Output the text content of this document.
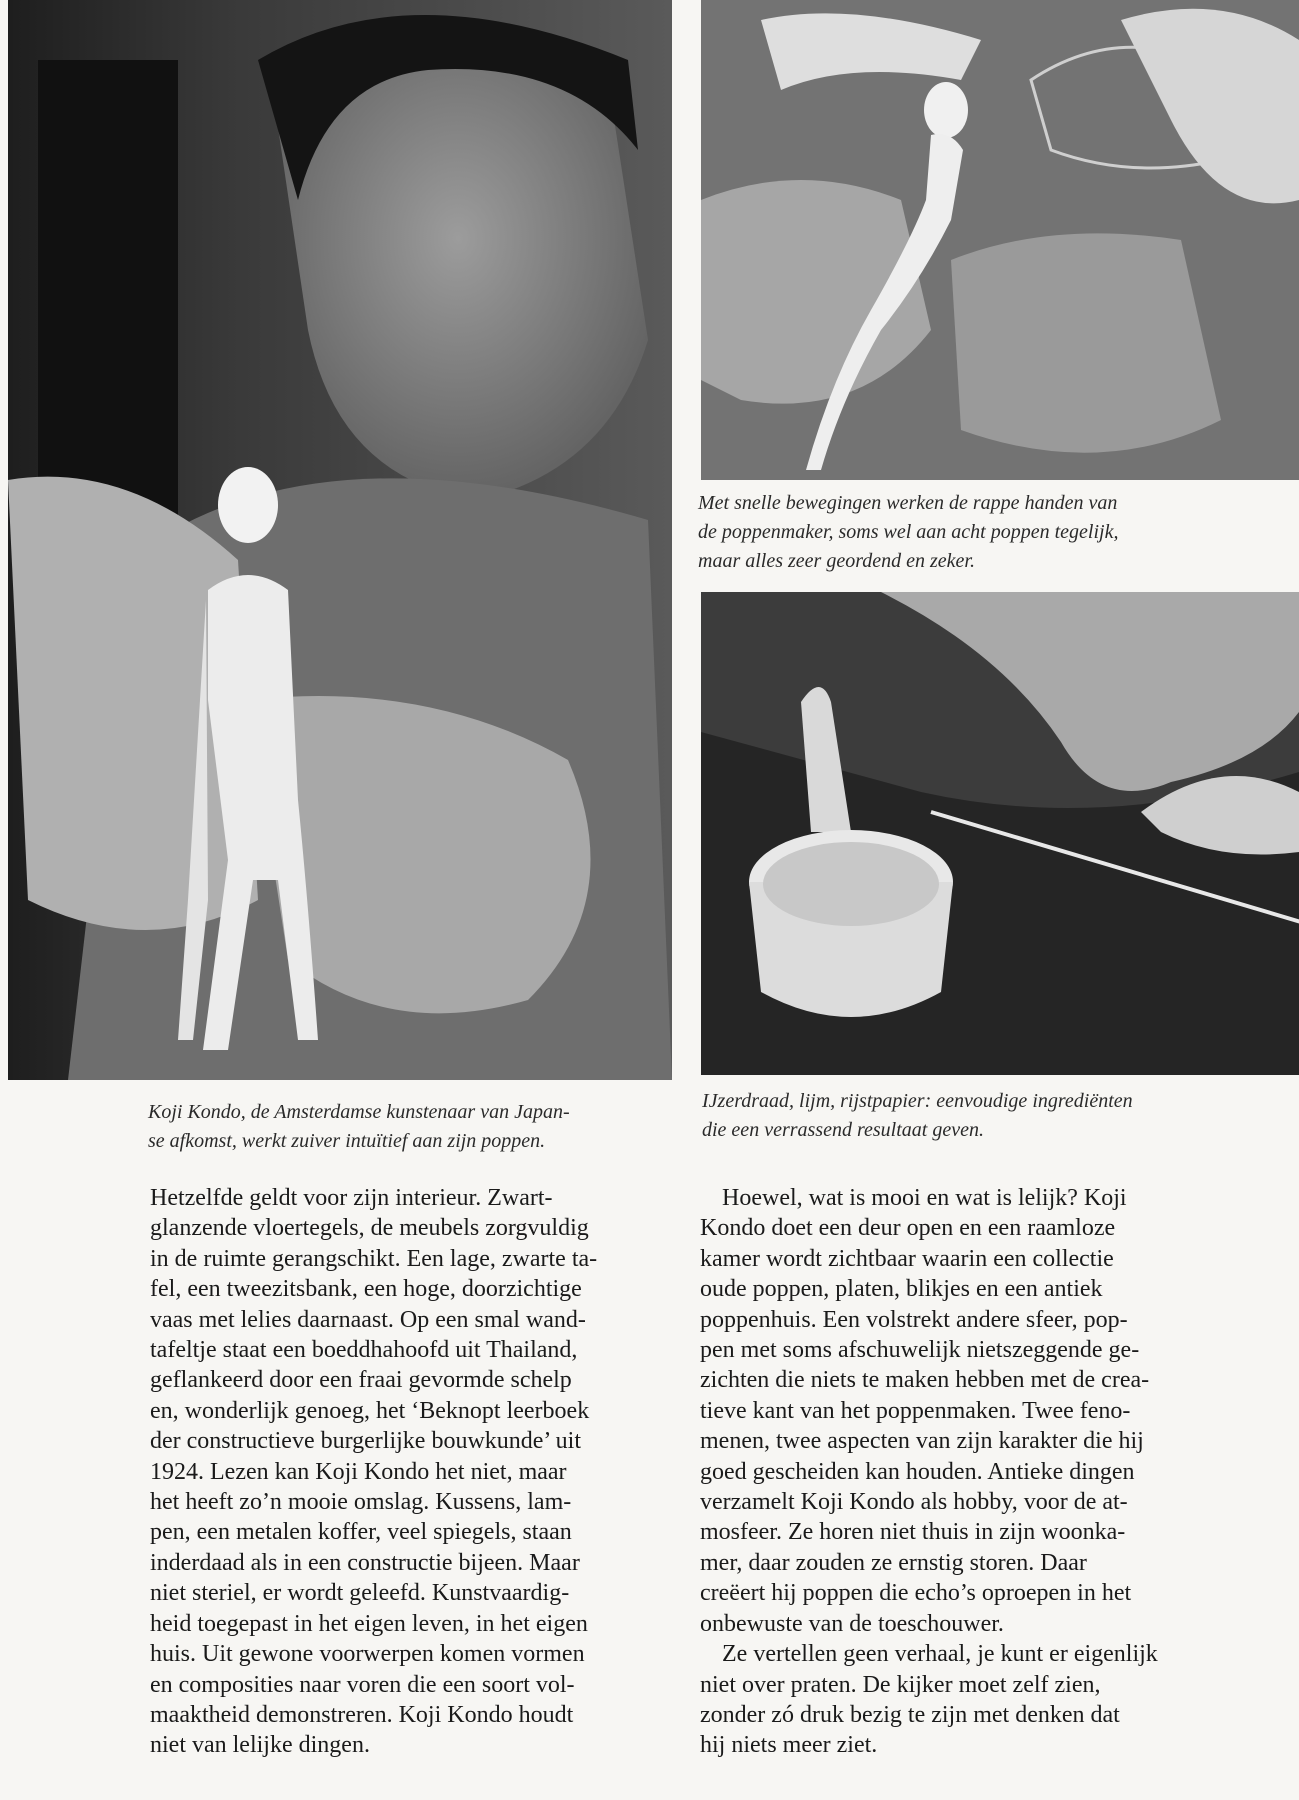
Koji Kondo, de Amsterdamse kunstenaar van Japan-
se afkomst, werkt zuiver intuïtief aan zijn poppen.

Met snelle bewegingen werken de rappe handen van
de poppenmaker, soms wel aan acht poppen tegelijk,
maar alles zeer geordend en zeker.

IJzerdraad, lijm, rijstpapier: eenvoudige ingrediënten
die een verrassend resultaat geven.

Hetzelfde geldt voor zijn interieur. Zwart-
glanzende vloertegels, de meubels zorgvuldig
in de ruimte gerangschikt. Een lage, zwarte ta-
fel, een tweezitsbank, een hoge, doorzichtige
vaas met lelies daarnaast. Op een smal wand-
tafeltje staat een boeddhahoofd uit Thailand,
geflankeerd door een fraai gevormde schelp
en, wonderlijk genoeg, het ‘Beknopt leerboek
der constructieve burgerlijke bouwkunde’ uit
1924. Lezen kan Koji Kondo het niet, maar
het heeft zo’n mooie omslag. Kussens, lam-
pen, een metalen koffer, veel spiegels, staan
inderdaad als in een constructie bijeen. Maar
niet steriel, er wordt geleefd. Kunstvaardig-
heid toegepast in het eigen leven, in het eigen
huis. Uit gewone voorwerpen komen vormen
en composities naar voren die een soort vol-
maaktheid demonstreren. Koji Kondo houdt
niet van lelijke dingen.

Hoewel, wat is mooi en wat is lelijk? Koji
Kondo doet een deur open en een raamloze
kamer wordt zichtbaar waarin een collectie
oude poppen, platen, blikjes en een antiek
poppenhuis. Een volstrekt andere sfeer, pop-
pen met soms afschuwelijk nietszeggende ge-
zichten die niets te maken hebben met de crea-
tieve kant van het poppenmaken. Twee feno-
menen, twee aspecten van zijn karakter die hij
goed gescheiden kan houden. Antieke dingen
verzamelt Koji Kondo als hobby, voor de at-
mosfeer. Ze horen niet thuis in zijn woonka-
mer, daar zouden ze ernstig storen. Daar
creëert hij poppen die echo’s oproepen in het
onbewuste van de toeschouwer.

Ze vertellen geen verhaal, je kunt er eigenlijk
niet over praten. De kijker moet zelf zien,
zonder zó druk bezig te zijn met denken dat
hij niets meer ziet.
